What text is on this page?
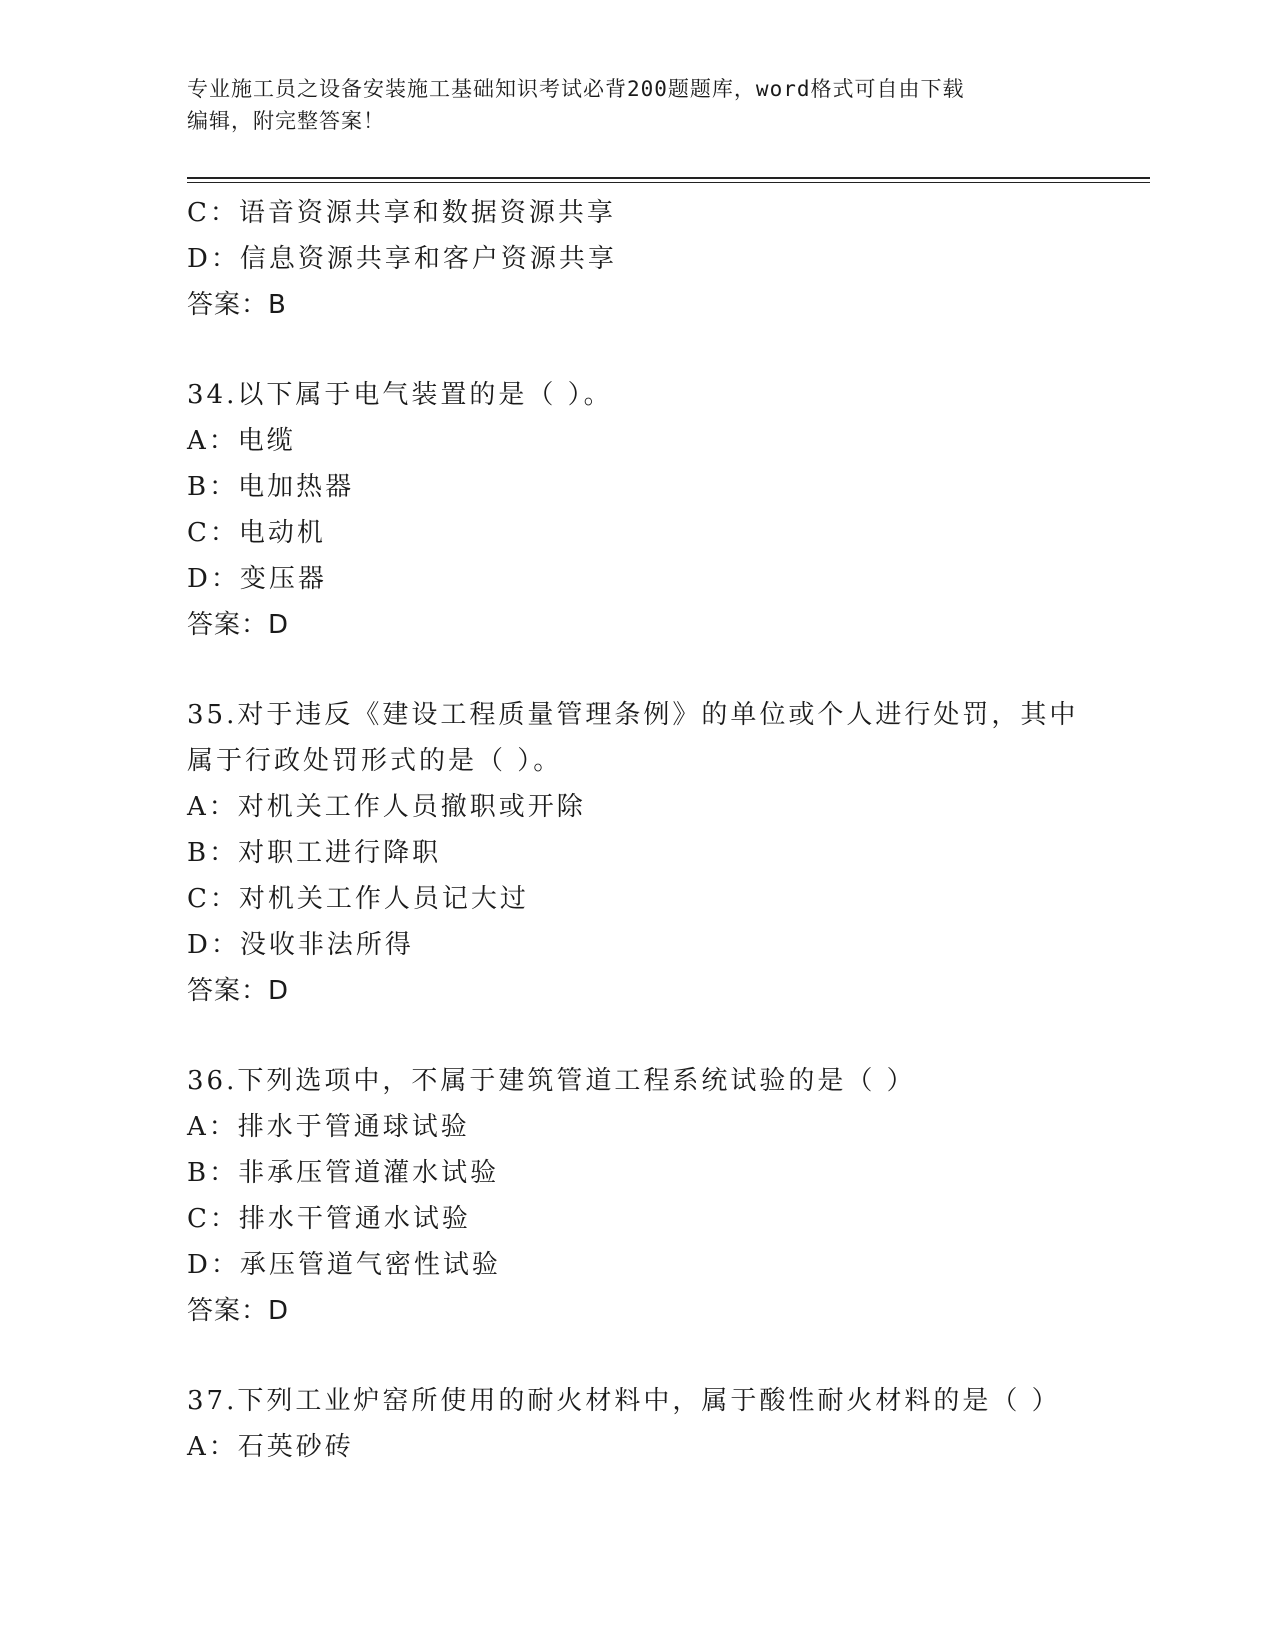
专业施工员之设备安装施工基础知识考试必背200题题库，word格式可自由下载
编辑，附完整答案！
C：语音资源共享和数据资源共享
D：信息资源共享和客户资源共享
答案：B
34.以下属于电气装置的是（ ）。
A：电缆
B：电加热器
C：电动机
D：变压器
答案：D
35.对于违反《建设工程质量管理条例》的单位或个人进行处罚，其中
属于行政处罚形式的是（ ）。
A：对机关工作人员撤职或开除
B：对职工进行降职
C：对机关工作人员记大过
D：没收非法所得
答案：D
36.下列选项中，不属于建筑管道工程系统试验的是（ ）
A：排水于管通球试验
B：非承压管道灌水试验
C：排水干管通水试验
D：承压管道气密性试验
答案：D
37.下列工业炉窑所使用的耐火材料中，属于酸性耐火材料的是（ ）
A：石英砂砖
